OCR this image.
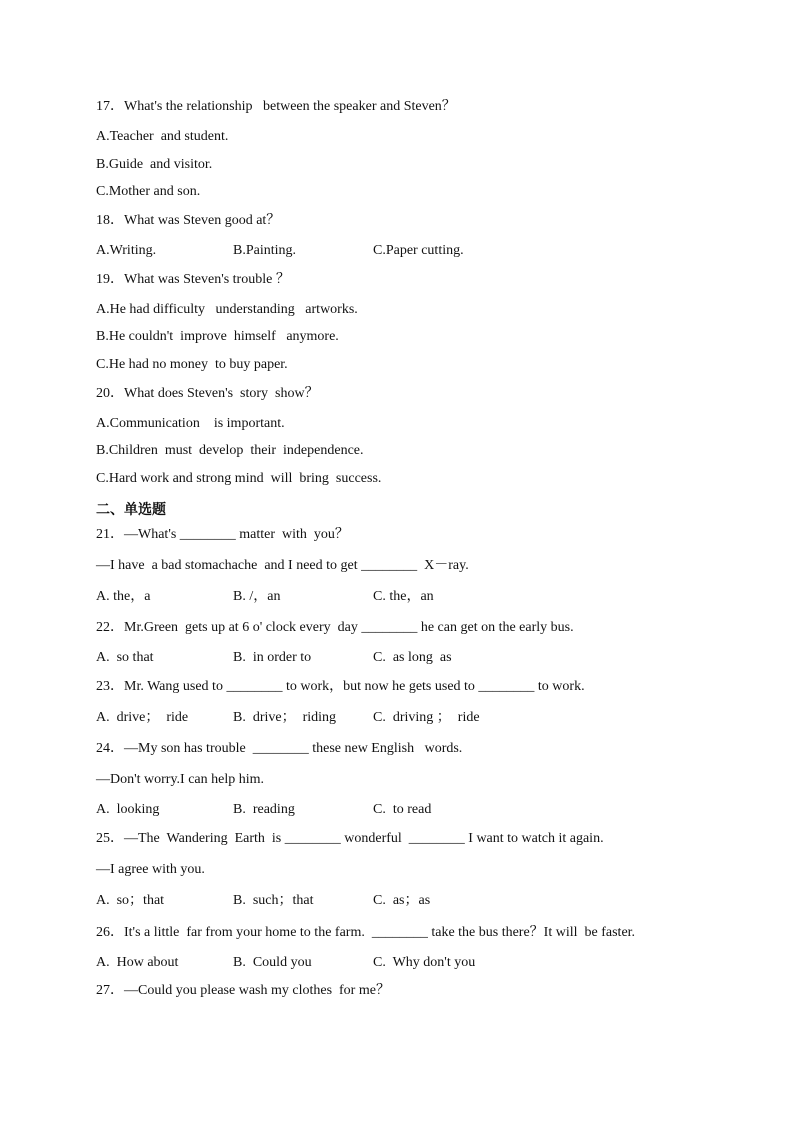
17．What's the relationship   between the speaker and Steven？
A.Teacher  and student.
B.Guide  and visitor.
C.Mother and son.
18．What was Steven good at？
A.Writing.	B.Painting.	C.Paper cutting.
19．What was Steven's trouble ？
A.He had difficulty   understanding   artworks.
B.He couldn't  improve  himself   anymore.
C.He had no money  to buy paper.
20．What does Steven's  story  show？
A.Communication    is important.
B.Children  must  develop  their  independence.
C.Hard work and strong mind  will  bring  success.
二、单选题
21．—What's ________ matter  with  you？
—I have  a bad stomachache  and I need to get ________  X－ray.
A. the，a	B. /，an	C. the，an
22．Mr.Green  gets up at 6 o' clock every  day ________ he can get on the early bus.
A.  so that	B.  in order to	C.  as long  as
23．Mr. Wang used to ________ to work，but now he gets used to ________ to work.
A.  drive；  ride	B.  drive；  riding	C.  driving ；  ride
24．—My son has trouble  ________ these new English   words.
—Don't worry.I can help him.
A.  looking	B.  reading	C.  to read
25．—The  Wandering  Earth  is ________ wonderful  ________ I want to watch it again.
—I agree with you.
A.  so；that	B.  such；that	C.  as；as
26．It's a little  far from your home to the farm.  ________ take the bus there？It will  be faster.
A.  How about	B.  Could you	C.  Why don't you
27．—Could you please wash my clothes  for me？
